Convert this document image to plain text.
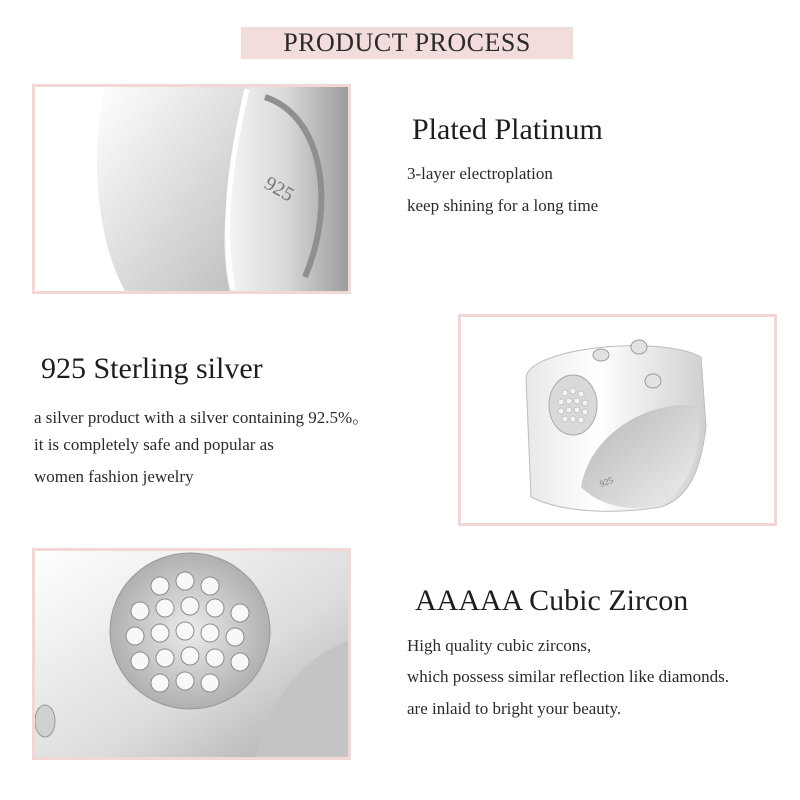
PRODUCT PROCESS
925
Plated Platinum
3-layer electroplation
keep shining for a long time
925 Sterling silver
a silver product with a silver containing 92.5%。
it is completely safe and popular as
women fashion jewelry	925
AAAAA Cubic Zircon
High quality cubic zircons,
which possess similar reflection like diamonds.
are inlaid to bright your beauty.
